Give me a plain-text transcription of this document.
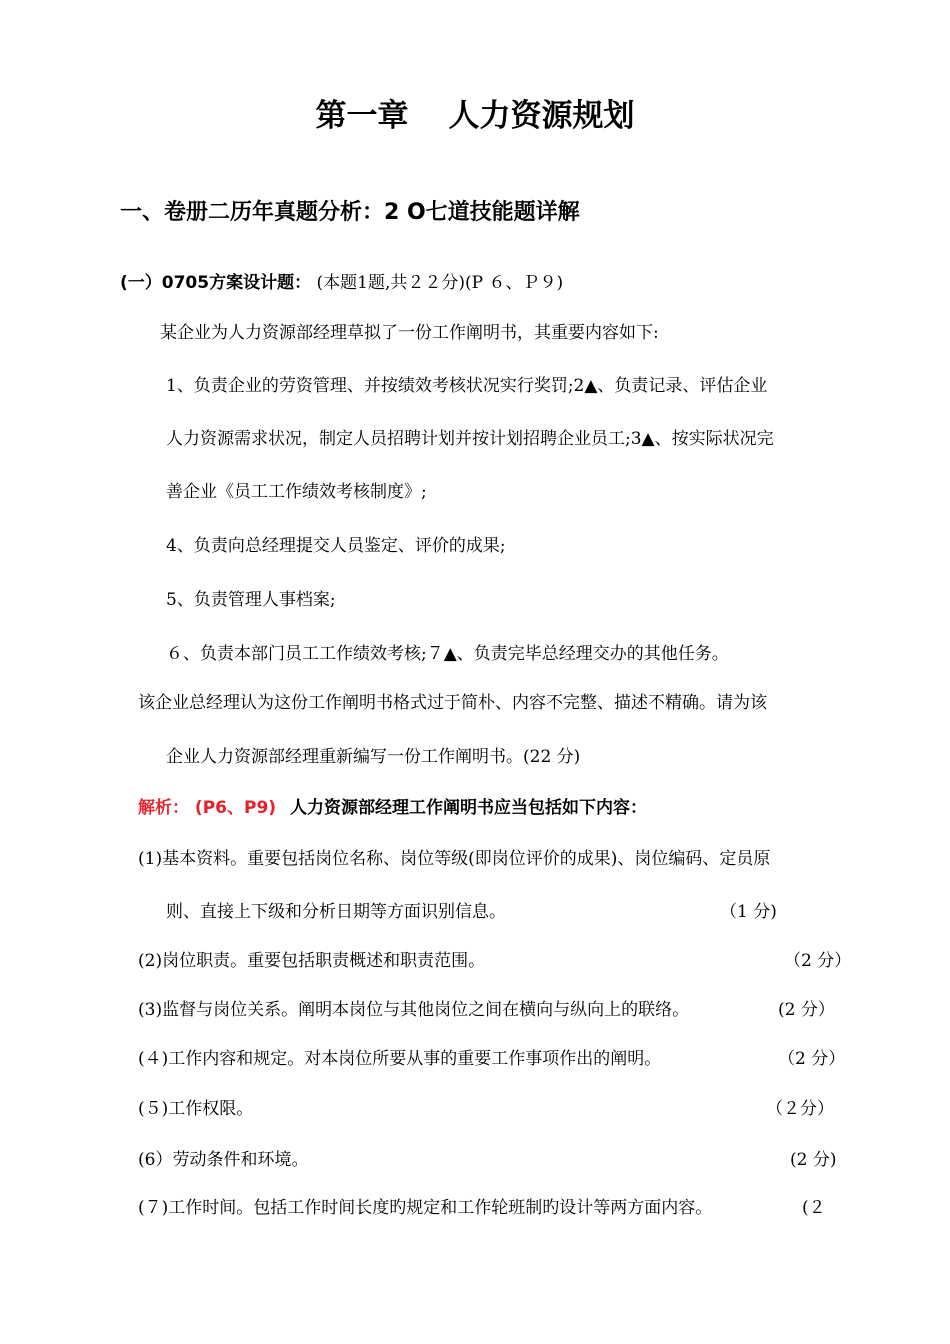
第一章 人力资源规划
一、卷册二历年真题分析：2 O七道技能题详解
(一）0705方案设计题： (本题1题,共２２分)(P ６、Ｐ９)
某企业为人力资源部经理草拟了一份工作阐明书，其重要内容如下:
1、负责企业的劳资管理、并按绩效考核状况实行奖罚;2▲、负责记录、评估企业
人力资源需求状况，制定人员招聘计划并按计划招聘企业员工;3▲、按实际状况完
善企业《员工工作绩效考核制度》;
4、负责向总经理提交人员鉴定、评价的成果;
5、负责管理人事档案;
６、负责本部门员工工作绩效考核;７▲、负责完毕总经理交办的其他任务。
该企业总经理认为这份工作阐明书格式过于简朴、内容不完整、描述不精确。请为该
企业人力资源部经理重新编写一份工作阐明书。(22 分)
解析： (P6、P9) 人力资源部经理工作阐明书应当包括如下内容：
(1)基本资料。重要包括岗位名称、岗位等级(即岗位评价的成果)、岗位编码、定员原
则、直接上下级和分析日期等方面识别信息。	（1 分)
(2)岗位职责。重要包括职责概述和职责范围。	（2 分）
(3)监督与岗位关系。阐明本岗位与其他岗位之间在横向与纵向上的联络。	(2 分）
(４)工作内容和规定。对本岗位所要从事的重要工作事项作出的阐明。	（2 分）
(５)工作权限。	（２分）
(6）劳动条件和环境。	(2 分)
(７)工作时间。包括工作时间长度旳规定和工作轮班制旳设计等两方面内容。	(２
